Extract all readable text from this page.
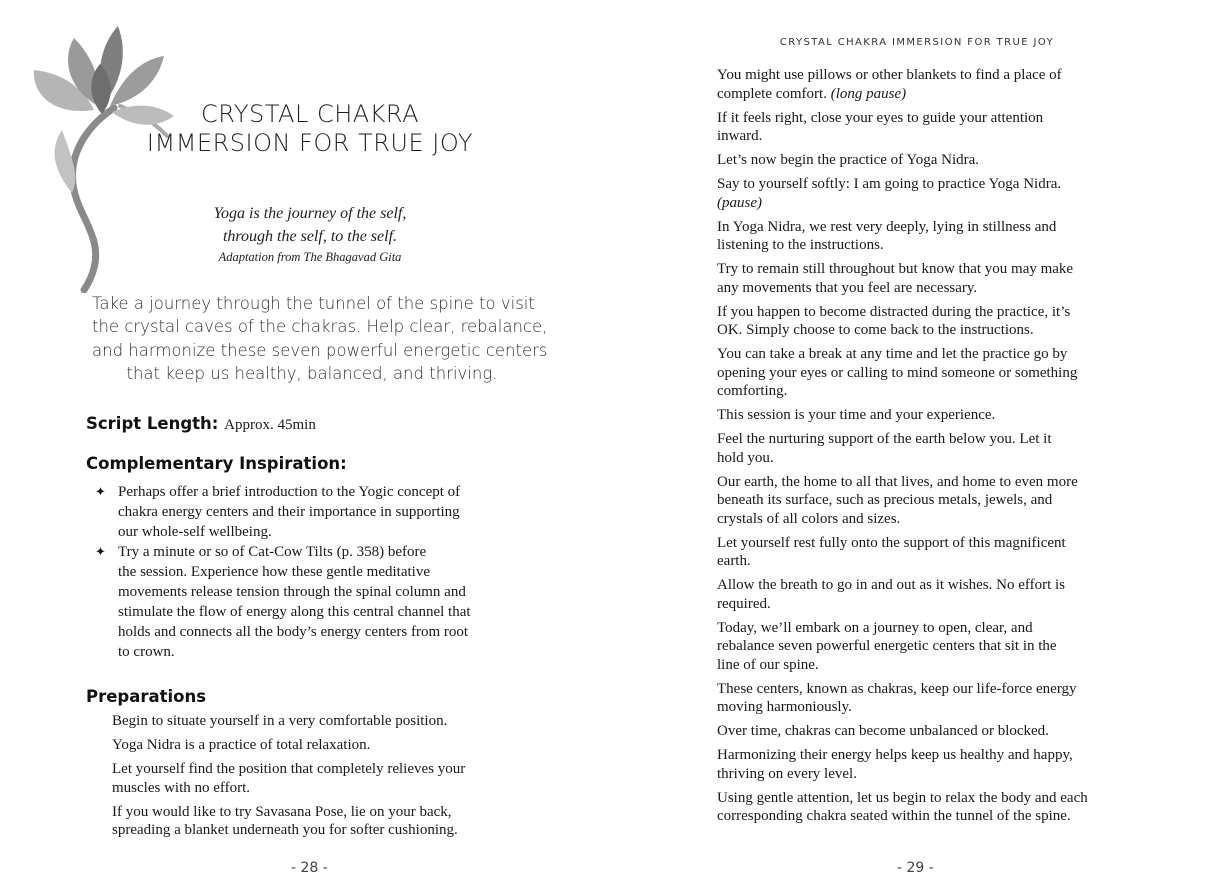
CRYSTAL CHAKRA
IMMERSION FOR TRUE JOY
Yoga is the journey of the self,
through the self, to the self.
Adaptation from The Bhagavad Gita
Take a journey through the tunnel of the spine to visit
the crystal caves of the chakras. Help clear, rebalance,
and harmonize these seven powerful energetic centers
that keep us healthy, balanced, and thriving.
Script Length: Approx. 45min
Complementary Inspiration:
✦ Perhaps offer a brief introduction to the Yogic concept of
chakra energy centers and their importance in supporting
our whole-self wellbeing.
✦ Try a minute or so of Cat-Cow Tilts (p. 358) before
the session. Experience how these gentle meditative
movements release tension through the spinal column and
stimulate the flow of energy along this central channel that
holds and connects all the body’s energy centers from root
to crown.
Preparations

Begin to situate yourself in a very comfortable position.

Yoga Nidra is a practice of total relaxation.

Let yourself find the position that completely relieves your
muscles with no effort.

If you would like to try Savasana Pose, lie on your back,
spreading a blanket underneath you for softer cushioning.

- 28 -
CRYSTAL CHAKRA IMMERSION FOR TRUE JOY

You might use pillows or other blankets to find a place of
complete comfort. (long pause)

If it feels right, close your eyes to guide your attention
inward.

Let’s now begin the practice of Yoga Nidra.

Say to yourself softly: I am going to practice Yoga Nidra.
(pause)

In Yoga Nidra, we rest very deeply, lying in stillness and
listening to the instructions.

Try to remain still throughout but know that you may make
any movements that you feel are necessary.

If you happen to become distracted during the practice, it’s
OK. Simply choose to come back to the instructions.

You can take a break at any time and let the practice go by
opening your eyes or calling to mind someone or something
comforting.

This session is your time and your experience.

Feel the nurturing support of the earth below you. Let it
hold you.

Our earth, the home to all that lives, and home to even more
beneath its surface, such as precious metals, jewels, and
crystals of all colors and sizes.

Let yourself rest fully onto the support of this magnificent
earth.

Allow the breath to go in and out as it wishes. No effort is
required.

Today, we’ll embark on a journey to open, clear, and
rebalance seven powerful energetic centers that sit in the
line of our spine.

These centers, known as chakras, keep our life-force energy
moving harmoniously.

Over time, chakras can become unbalanced or blocked.

Harmonizing their energy helps keep us healthy and happy,
thriving on every level.

Using gentle attention, let us begin to relax the body and each
corresponding chakra seated within the tunnel of the spine.

- 29 -
